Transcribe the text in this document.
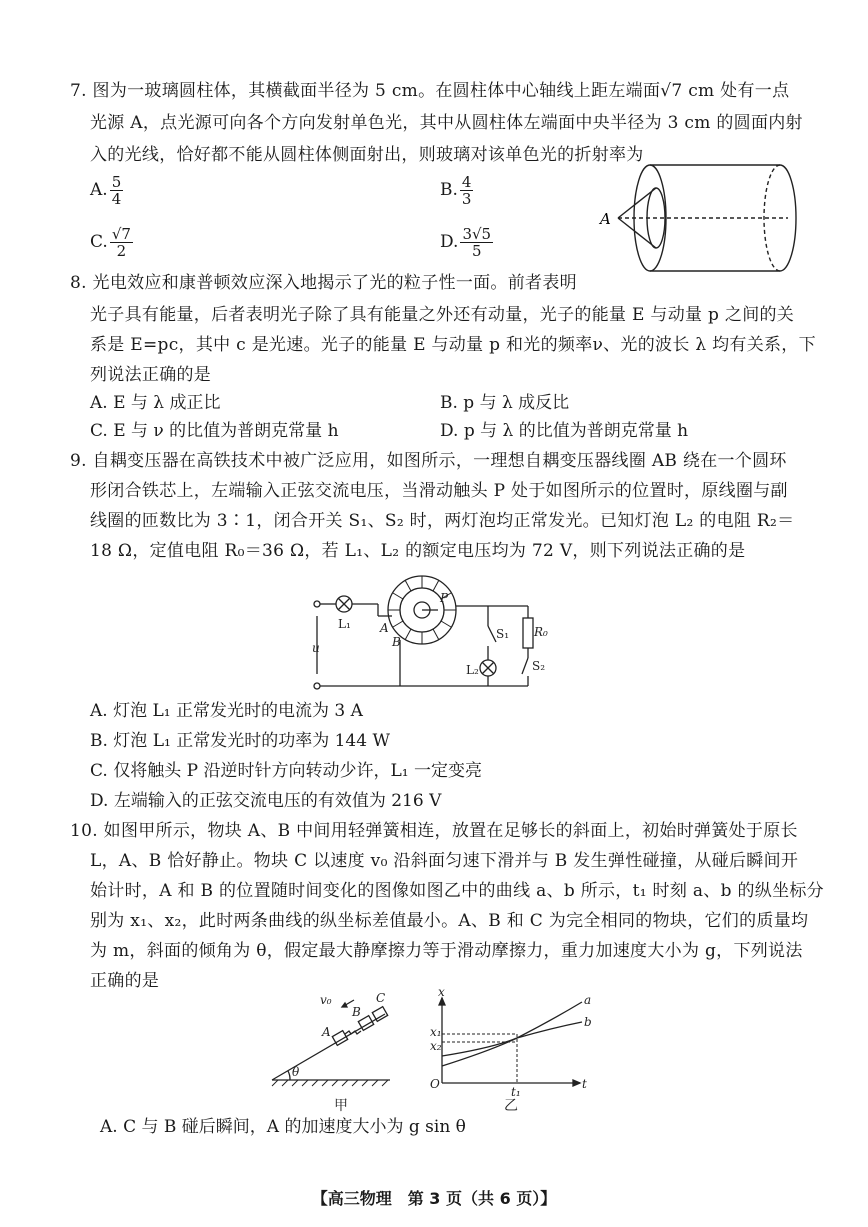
7. 图为一玻璃圆柱体，其横截面半径为 5 cm。在圆柱体中心轴线上距左端面√7 cm 处有一点
光源 A，点光源可向各个方向发射单色光，其中从圆柱体左端面中央半径为 3 cm 的圆面内射
入的光线，恰好都不能从圆柱体侧面射出，则玻璃对该单色光的折射率为
A. $\frac{5}{4}$	B. $\frac{4}{3}$
C. $\frac{√7}{2}$	D. $\frac{3√5}{5}$
A
8. 光电效应和康普顿效应深入地揭示了光的粒子性一面。前者表明
光子具有能量，后者表明光子除了具有能量之外还有动量，光子的能量 E 与动量 p 之间的关
系是 E=pc，其中 c 是光速。光子的能量 E 与动量 p 和光的频率ν、光的波长 λ 均有关系，下
列说法正确的是
A. E 与 λ 成正比	B. p 与 λ 成反比
C. E 与 ν 的比值为普朗克常量 h	D. p 与 λ 的比值为普朗克常量 h
9. 自耦变压器在高铁技术中被广泛应用，如图所示，一理想自耦变压器线圈 AB 绕在一个圆环
形闭合铁芯上，左端输入正弦交流电压，当滑动触头 P 处于如图所示的位置时，原线圈与副
线圈的匝数比为 3∶1，闭合开关 S₁、S₂ 时，两灯泡均正常发光。已知灯泡 L₂ 的电阻 R₂＝
18 Ω，定值电阻 R₀＝36 Ω，若 L₁、L₂ 的额定电压均为 72 V，则下列说法正确的是
L₁ A
B
P
S₁
L₂
R₀
S₂
u
A. 灯泡 L₁ 正常发光时的电流为 3 A
B. 灯泡 L₁ 正常发光时的功率为 144 W
C. 仅将触头 P 沿逆时针方向转动少许，L₁ 一定变亮
D. 左端输入的正弦交流电压的有效值为 216 V
10. 如图甲所示，物块 A、B 中间用轻弹簧相连，放置在足够长的斜面上，初始时弹簧处于原长
L，A、B 恰好静止。物块 C 以速度 v₀ 沿斜面匀速下滑并与 B 发生弹性碰撞，从碰后瞬间开
始计时，A 和 B 的位置随时间变化的图像如图乙中的曲线 a、b 所示，t₁ 时刻 a、b 的纵坐标分
别为 x₁、x₂，此时两条曲线的纵坐标差值最小。A、B 和 C 为完全相同的物块，它们的质量均
为 m，斜面的倾角为 θ，假定最大静摩擦力等于滑动摩擦力，重力加速度大小为 g，下列说法
正确的是
v₀	C
B
A
θ
甲
x
x₁
x₂
O	t
t₁
a
b
乙
A. C 与 B 碰后瞬间，A 的加速度大小为 g sin θ
【高三物理　第 3 页（共 6 页）】
